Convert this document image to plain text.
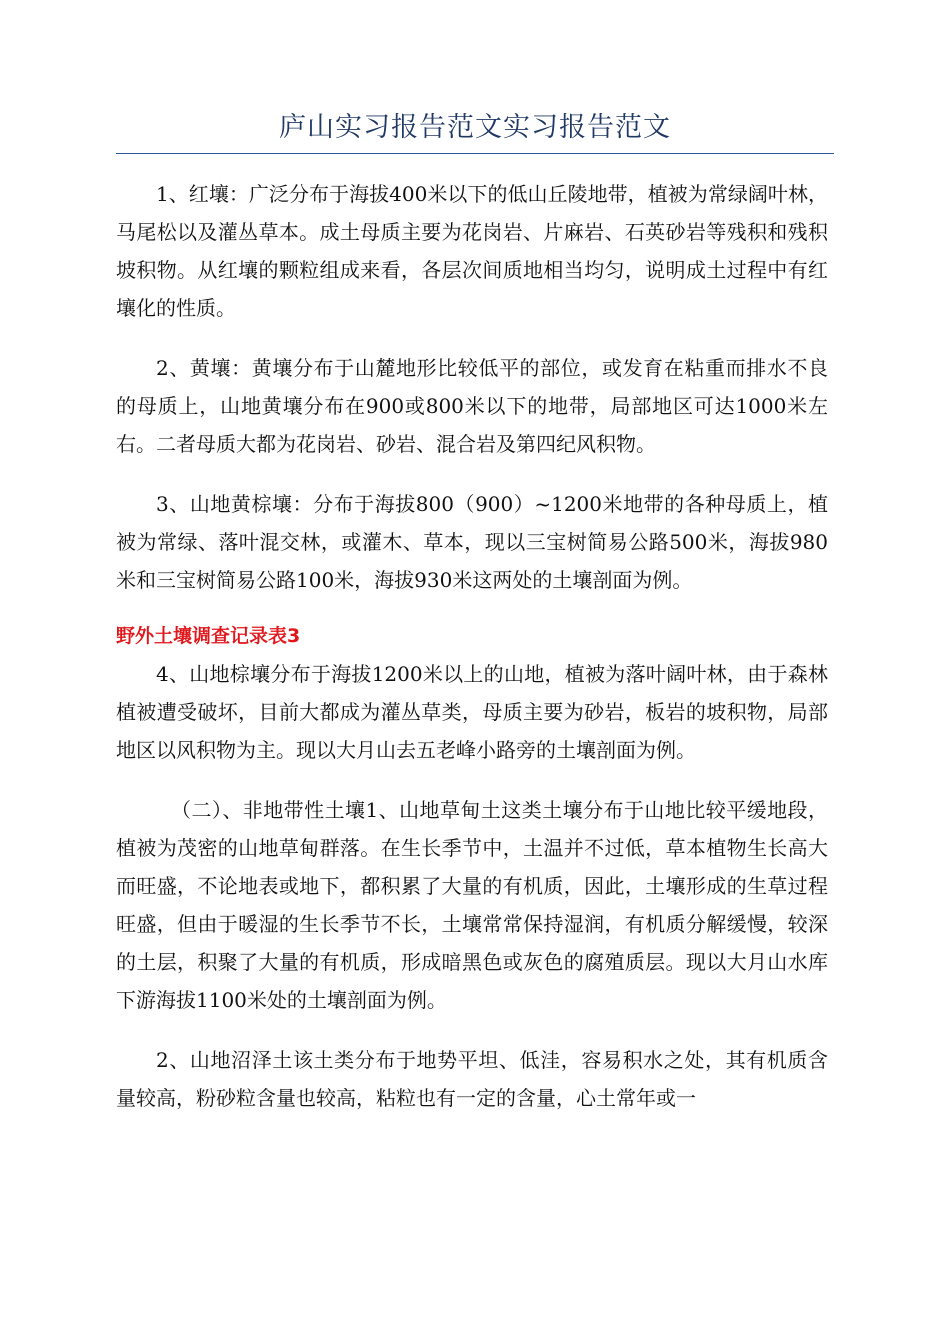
庐山实习报告范文实习报告范文

1、红壤：广泛分布于海拔400米以下的低山丘陵地带，植被为常绿阔叶林，马尾松以及灌丛草本。成土母质主要为花岗岩、片麻岩、石英砂岩等残积和残积坡积物。从红壤的颗粒组成来看，各层次间质地相当均匀，说明成土过程中有红壤化的性质。

2、黄壤：黄壤分布于山麓地形比较低平的部位，或发育在粘重而排水不良的母质上，山地黄壤分布在900或800米以下的地带，局部地区可达1000米左右。二者母质大都为花岗岩、砂岩、混合岩及第四纪风积物。

3、山地黄棕壤：分布于海拔800（900）~1200米地带的各种母质上，植被为常绿、落叶混交林，或灌木、草本，现以三宝树简易公路500米，海拔980米和三宝树简易公路100米，海拔930米这两处的土壤剖面为例。

野外土壤调查记录表3

4、山地棕壤分布于海拔1200米以上的山地，植被为落叶阔叶林，由于森林植被遭受破坏，目前大都成为灌丛草类，母质主要为砂岩，板岩的坡积物，局部地区以风积物为主。现以大月山去五老峰小路旁的土壤剖面为例。

（二）、非地带性土壤1、山地草甸土这类土壤分布于山地比较平缓地段，植被为茂密的山地草甸群落。在生长季节中，土温并不过低，草本植物生长高大而旺盛，不论地表或地下，都积累了大量的有机质，因此，土壤形成的生草过程旺盛，但由于暖湿的生长季节不长，土壤常常保持湿润，有机质分解缓慢，较深的土层，积聚了大量的有机质，形成暗黑色或灰色的腐殖质层。现以大月山水库下游海拔1100米处的土壤剖面为例。

2、山地沼泽土该土类分布于地势平坦、低洼，容易积水之处，其有机质含量较高，粉砂粒含量也较高，粘粒也有一定的含量，心土常年或一
